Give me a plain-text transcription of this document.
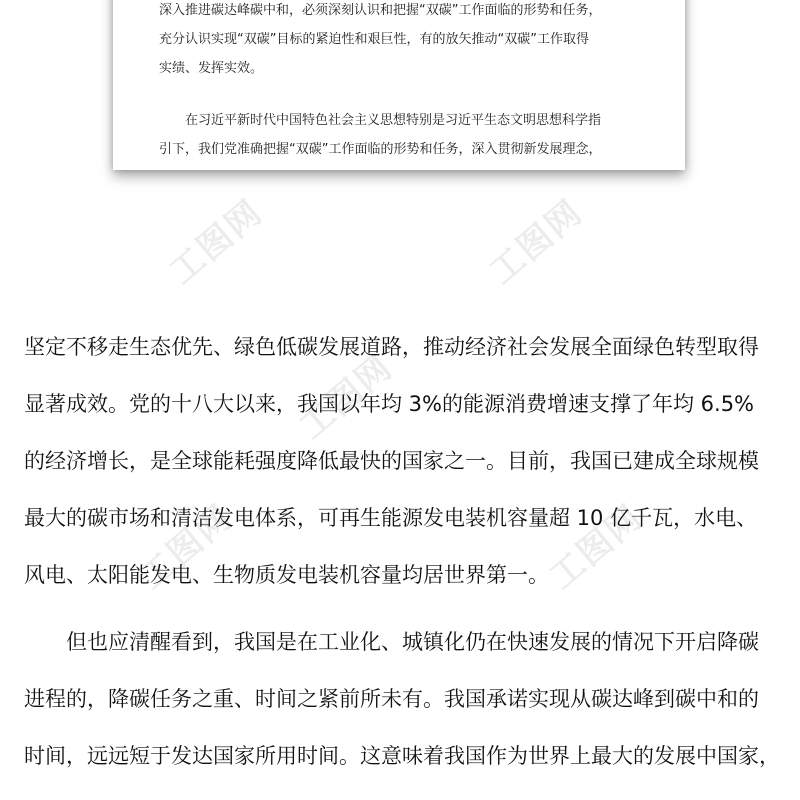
深入推进碳达峰碳中和，必须深刻认识和把握“双碳”工作面临的形势和任务，
充分认识实现“双碳”目标的紧迫性和艰巨性，有的放矢推动“双碳”工作取得
实绩、发挥实效。

在习近平新时代中国特色社会主义思想特别是习近平生态文明思想科学指
引下，我们党准确把握“双碳”工作面临的形势和任务，深入贯彻新发展理念，

工图网	工图网
工图网
工图网	工图网

坚定不移走生态优先、绿色低碳发展道路，推动经济社会发展全面绿色转型取得
显著成效。党的十八大以来，我国以年均 3%的能源消费增速支撑了年均 6.5%
的经济增长，是全球能耗强度降低最快的国家之一。目前，我国已建成全球规模
最大的碳市场和清洁发电体系，可再生能源发电装机容量超 10 亿千瓦，水电、
风电、太阳能发电、生物质发电装机容量均居世界第一。

但也应清醒看到，我国是在工业化、城镇化仍在快速发展的情况下开启降碳
进程的，降碳任务之重、时间之紧前所未有。我国承诺实现从碳达峰到碳中和的
时间，远远短于发达国家所用时间。这意味着我国作为世界上最大的发展中国家，
